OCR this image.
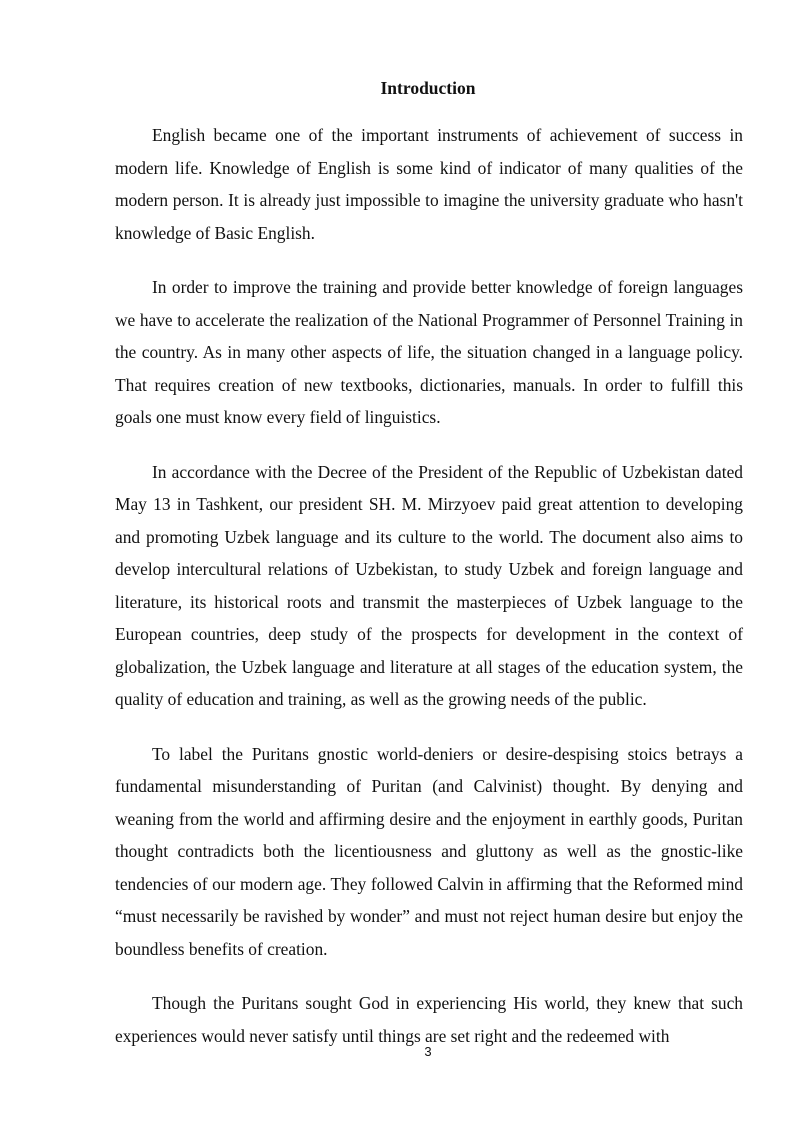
Introduction

English became one of the important instruments of achievement of success in modern life. Knowledge of English is some kind of indicator of many qualities of the modern person. It is already just impossible to imagine the university graduate who hasn't knowledge of Basic English.

In order to improve the training and provide better knowledge of foreign languages we have to accelerate the realization of the National Programmer of Personnel Training in the country. As in many other aspects of life, the situation changed in a language policy. That requires creation of new textbooks, dictionaries, manuals. In order to fulfill this goals one must know every field of linguistics.

In accordance with the Decree of the President of the Republic of Uzbekistan dated May 13 in Tashkent, our president SH. M. Mirzyoev paid great attention to developing and promoting Uzbek language and its culture to the world. The document also aims to develop intercultural relations of Uzbekistan, to study Uzbek and foreign language and literature, its historical roots and transmit the masterpieces of Uzbek language to the European countries, deep study of the prospects for development in the context of globalization, the Uzbek language and literature at all stages of the education system, the quality of education and training, as well as the growing needs of the public.

To label the Puritans gnostic world-deniers or desire-despising stoics betrays a fundamental misunderstanding of Puritan (and Calvinist) thought. By denying and weaning from the world and affirming desire and the enjoyment in earthly goods, Puritan thought contradicts both the licentiousness and gluttony as well as the gnostic-like tendencies of our modern age. They followed Calvin in affirming that the Reformed mind “must necessarily be ravished by wonder” and must not reject human desire but enjoy the boundless benefits of creation.

Though the Puritans sought God in experiencing His world, they knew that such experiences would never satisfy until things are set right and the redeemed with

3
